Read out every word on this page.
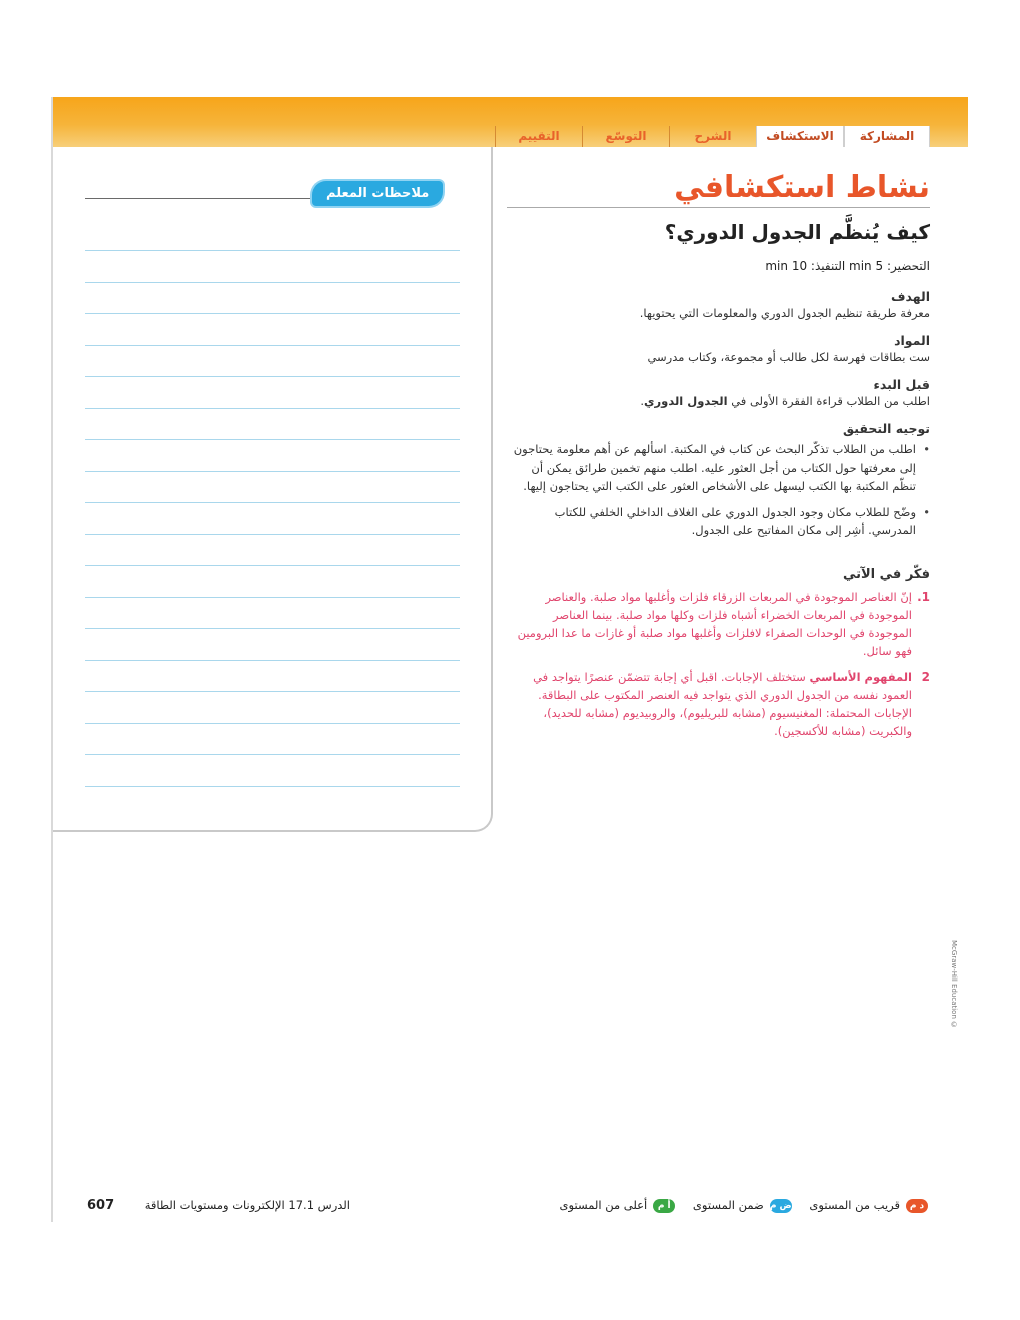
المشاركة
الاستكشاف
الشرح
التوسّع
التقييم
ملاحظات المعلم	نشاط استكشافي
كيف يُنظَّم الجدول الدوري؟
التحضير: 5 min التنفيذ: 10 min
الهدف
معرفة طريقة تنظيم الجدول الدوري والمعلومات التي يحتويها.
المواد
ست بطاقات فهرسة لكل طالب أو مجموعة، وكتاب مدرسي
قبل البدء
اطلب من الطلاب قراءة الفقرة الأولى في الجدول الدوري.
توجيه التحقيق
• اطلب من الطلاب تذكّر البحث عن كتاب في المكتبة. اسألهم عن أهم معلومة يحتاجون إلى معرفتها حول الكتاب من أجل العثور عليه. اطلب منهم تخمين طرائق يمكن أن تنظّم المكتبة بها الكتب ليسهل على الأشخاص العثور على الكتب التي يحتاجون إليها.
• وضّح للطلاب مكان وجود الجدول الدوري على الغلاف الداخلي الخلفي للكتاب المدرسي. أشِر إلى مكان المفاتيح على الجدول.
فكّر في الآتي
1.
إنّ العناصر الموجودة في المربعات الزرقاء فلزات وأغلبها مواد صلبة. والعناصر الموجودة في المربعات الخضراء أشباه فلزات وكلها مواد صلبة. بينما العناصر الموجودة في الوحدات الصفراء لافلزات وأغلبها مواد صلبة أو غازات ما عدا البرومين فهو سائل.
2
المفهوم الأساسي ستختلف الإجابات. اقبل أي إجابة تتضمّن عنصرًا يتواجد في العمود نفسه من الجدول الدوري الذي يتواجد فيه العنصر المكتوب على البطاقة. الإجابات المحتملة: المغنيسيوم (مشابه للبريليوم)، والروبيديوم (مشابه للحديد)، والكبريت (مشابه للأكسجين).
McGraw-Hill Education ©
د مقريب من المستوى ض مضمن المستوى أ مأعلى من المستوى
الدرس 17.1 الإلكترونات ومستويات الطاقة
607
